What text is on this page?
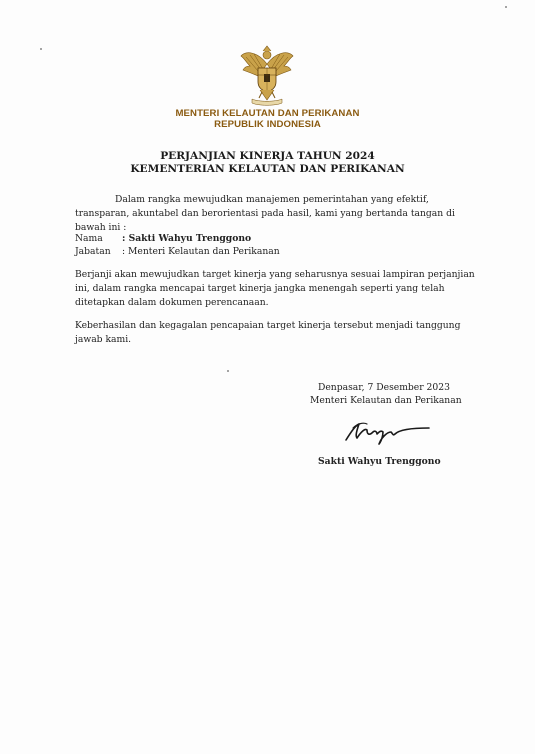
MENTERI KELAUTAN DAN PERIKANAN
REPUBLIK INDONESIA
PERJANJIAN KINERJA TAHUN 2024
KEMENTERIAN KELAUTAN DAN PERIKANAN
Dalam rangka mewujudkan manajemen pemerintahan yang efektif, transparan, akuntabel dan berorientasi pada hasil, kami yang bertanda tangan di bawah ini :
Nama : Sakti Wahyu Trenggono
Jabatan : Menteri Kelautan dan Perikanan
Berjanji akan mewujudkan target kinerja yang seharusnya sesuai lampiran perjanjian ini, dalam rangka mencapai target kinerja jangka menengah seperti yang telah ditetapkan dalam dokumen perencanaan.
Keberhasilan dan kegagalan pencapaian target kinerja tersebut menjadi tanggung jawab kami.
Denpasar, 7 Desember 2023
Menteri Kelautan dan Perikanan
Sakti Wahyu Trenggono
